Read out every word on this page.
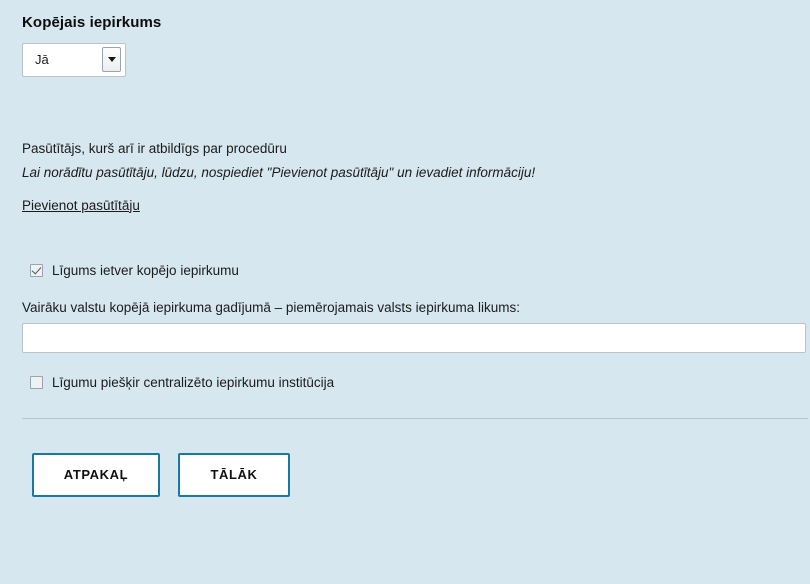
Kopējais iepirkums
Jā

Pasūtītājs, kurš arī ir atbildīgs par procedūru

Lai norādītu pasūtītāju, lūdzu, nospiediet "Pievienot pasūtītāju" un ievadiet informāciju!

Pievienot pasūtītāju
Līgums ietver kopējo iepirkumu
Vairāku valstu kopējā iepirkuma gadījumā – piemērojamais valsts iepirkuma likums:
Līgumu piešķir centralizēto iepirkumu institūcija
ATPAKAĻ	TĀLĀK
